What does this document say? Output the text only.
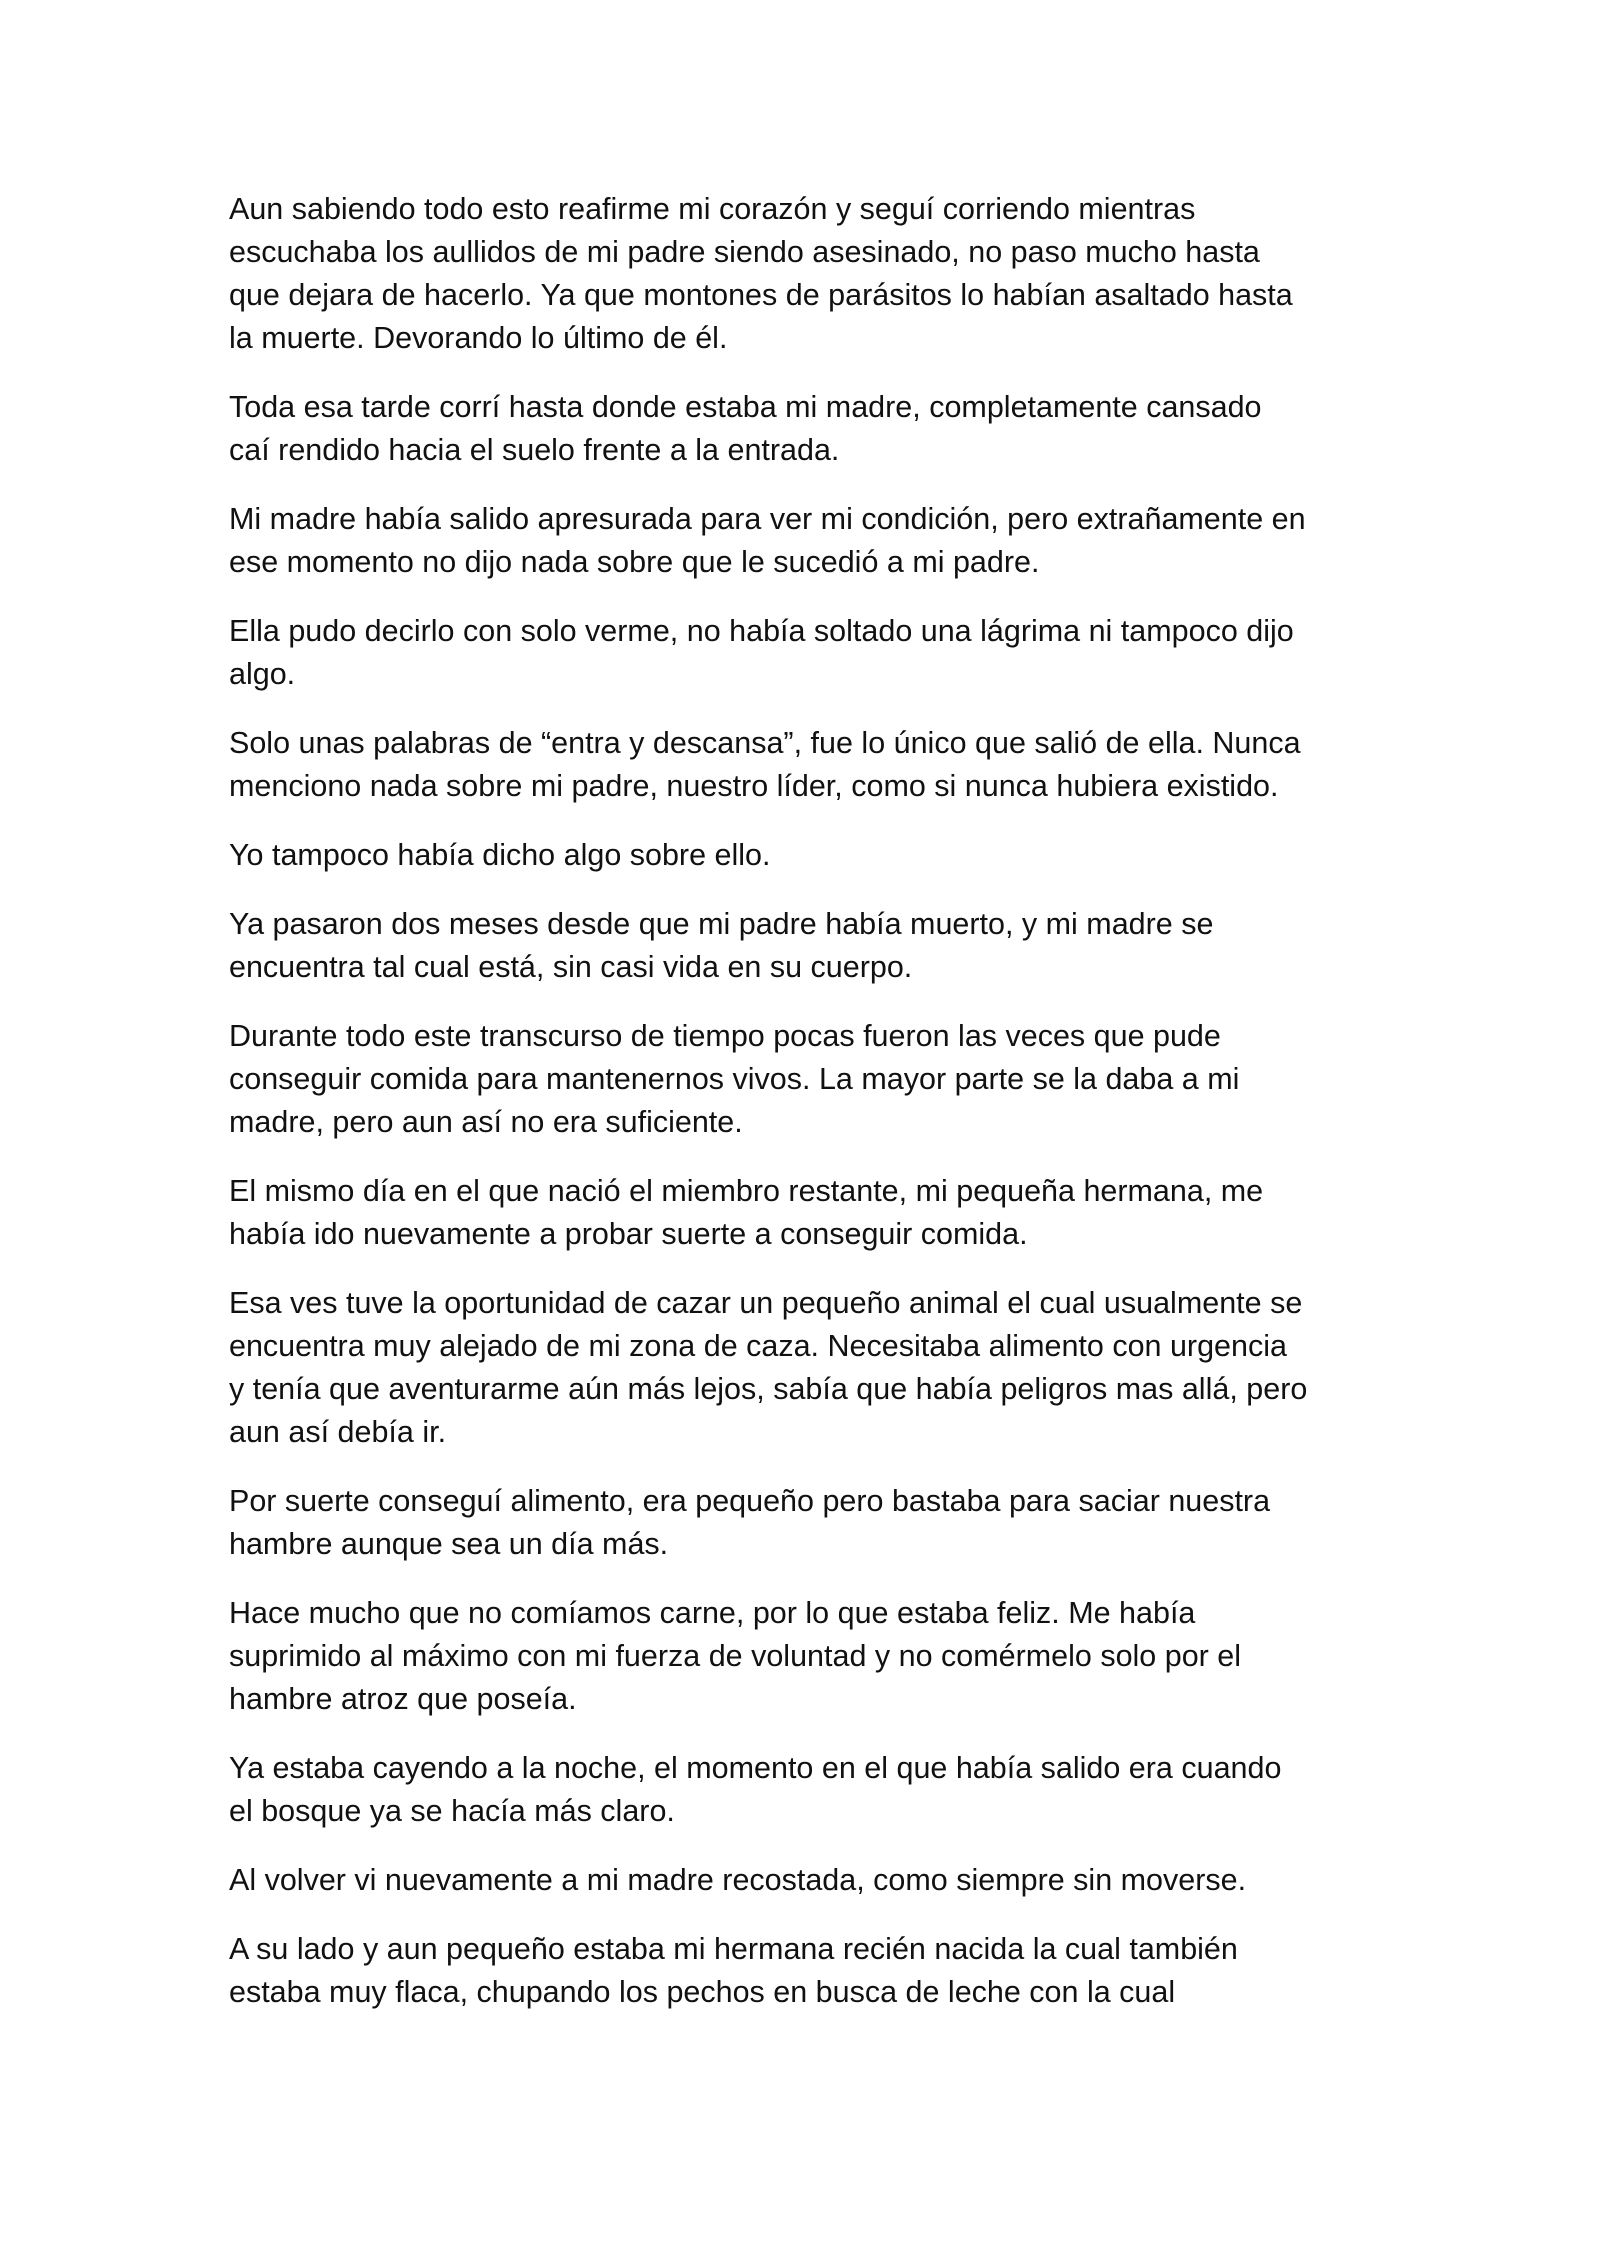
Aun sabiendo todo esto reafirme mi corazón y seguí corriendo mientras
escuchaba los aullidos de mi padre siendo asesinado, no paso mucho hasta
que dejara de hacerlo. Ya que montones de parásitos lo habían asaltado hasta
la muerte. Devorando lo último de él.

Toda esa tarde corrí hasta donde estaba mi madre, completamente cansado
caí rendido hacia el suelo frente a la entrada.

Mi madre había salido apresurada para ver mi condición, pero extrañamente en
ese momento no dijo nada sobre que le sucedió a mi padre.

Ella pudo decirlo con solo verme, no había soltado una lágrima ni tampoco dijo
algo.

Solo unas palabras de “entra y descansa”, fue lo único que salió de ella. Nunca
menciono nada sobre mi padre, nuestro líder, como si nunca hubiera existido.

Yo tampoco había dicho algo sobre ello.

Ya pasaron dos meses desde que mi padre había muerto, y mi madre se
encuentra tal cual está, sin casi vida en su cuerpo.

Durante todo este transcurso de tiempo pocas fueron las veces que pude
conseguir comida para mantenernos vivos. La mayor parte se la daba a mi
madre, pero aun así no era suficiente.

El mismo día en el que nació el miembro restante, mi pequeña hermana, me
había ido nuevamente a probar suerte a conseguir comida.

Esa ves tuve la oportunidad de cazar un pequeño animal el cual usualmente se
encuentra muy alejado de mi zona de caza. Necesitaba alimento con urgencia
y tenía que aventurarme aún más lejos, sabía que había peligros mas allá, pero
aun así debía ir.

Por suerte conseguí alimento, era pequeño pero bastaba para saciar nuestra
hambre aunque sea un día más.

Hace mucho que no comíamos carne, por lo que estaba feliz. Me había
suprimido al máximo con mi fuerza de voluntad y no comérmelo solo por el
hambre atroz que poseía.

Ya estaba cayendo a la noche, el momento en el que había salido era cuando
el bosque ya se hacía más claro.

Al volver vi nuevamente a mi madre recostada, como siempre sin moverse.

A su lado y aun pequeño estaba mi hermana recién nacida la cual también
estaba muy flaca, chupando los pechos en busca de leche con la cual
